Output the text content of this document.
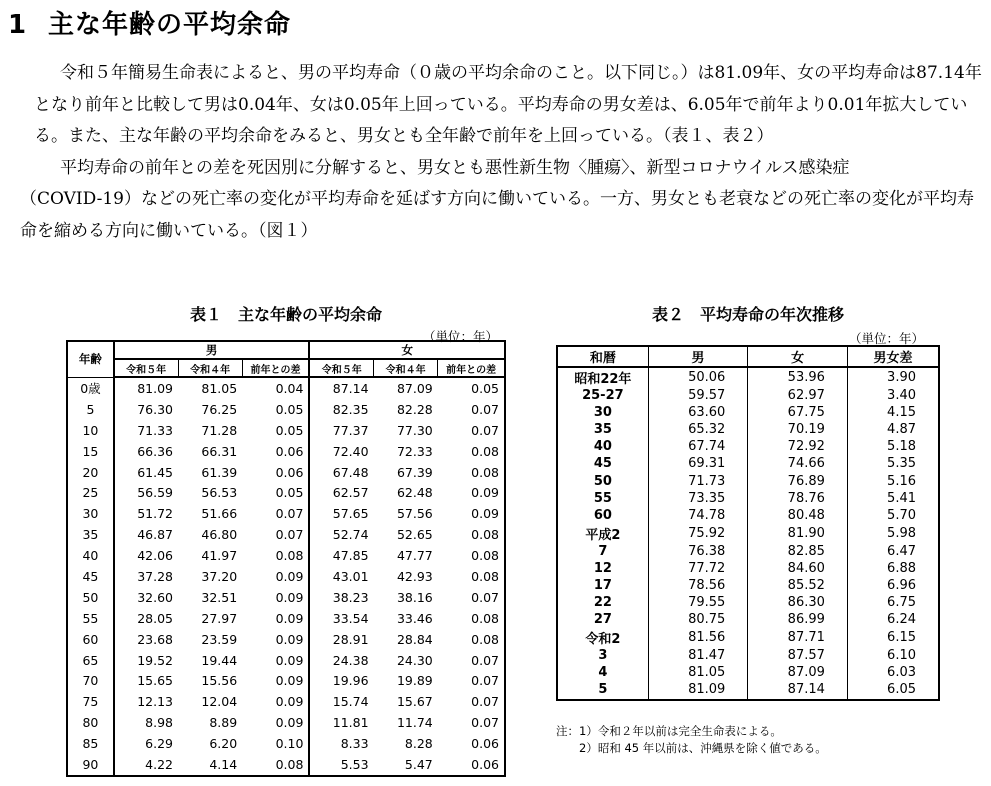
1 主な年齢の平均余命

令和５年簡易生命表によると、男の平均寿命（０歳の平均余命のこと。以下同じ。）は81.09年、女の平均寿命は87.14年となり前年と比較して男は0.04年、女は0.05年上回っている。平均寿命の男女差は、6.05年で前年より0.01年拡大している。また、主な年齢の平均余命をみると、男女とも全年齢で前年を上回っている。（表１、表２）

平均寿命の前年との差を死因別に分解すると、男女とも悪性新生物〈腫瘍〉、新型コロナウイルス感染症

（COVID-19）などの死亡率の変化が平均寿命を延ばす方向に働いている。一方、男女とも老衰などの死亡率の変化が平均寿命を縮める方向に働いている。（図１）

表１　主な年齢の平均余命
（単位：年）
年齢	男			女		
	令和５年	令和４年	前年との差	令和５年	令和４年	前年との差
0歳	81.09	81.05	0.04	87.14	87.09	0.05
5	76.30	76.25	0.05	82.35	82.28	0.07
10	71.33	71.28	0.05	77.37	77.30	0.07
15	66.36	66.31	0.06	72.40	72.33	0.08
20	61.45	61.39	0.06	67.48	67.39	0.08
25	56.59	56.53	0.05	62.57	62.48	0.09
30	51.72	51.66	0.07	57.65	57.56	0.09
35	46.87	46.80	0.07	52.74	52.65	0.08
40	42.06	41.97	0.08	47.85	47.77	0.08
45	37.28	37.20	0.09	43.01	42.93	0.08
50	32.60	32.51	0.09	38.23	38.16	0.07
55	28.05	27.97	0.09	33.54	33.46	0.08
60	23.68	23.59	0.09	28.91	28.84	0.08
65	19.52	19.44	0.09	24.38	24.30	0.07
70	15.65	15.56	0.09	19.96	19.89	0.07
75	12.13	12.04	0.09	15.74	15.67	0.07
80	8.98	8.89	0.09	11.81	11.74	0.07
85	6.29	6.20	0.10	8.33	8.28	0.06
90	4.22	4.14	0.08	5.53	5.47	0.06
表２　平均寿命の年次推移
（単位：年）
和暦	男	女	男女差
昭和22年	50.06	53.96	3.90
25-27	59.57	62.97	3.40
30	63.60	67.75	4.15
35	65.32	70.19	4.87
40	67.74	72.92	5.18
45	69.31	74.66	5.35
50	71.73	76.89	5.16
55	73.35	78.76	5.41
60	74.78	80.48	5.70
平成2	75.92	81.90	5.98
7	76.38	82.85	6.47
12	77.72	84.60	6.88
17	78.56	85.52	6.96
22	79.55	86.30	6.75
27	80.75	86.99	6.24
令和2	81.56	87.71	6.15
3	81.47	87.57	6.10
4	81.05	87.09	6.03
5	81.09	87.14	6.05
注：1）令和２年以前は完全生命表による。
2）昭和 45 年以前は、沖縄県を除く値である。
